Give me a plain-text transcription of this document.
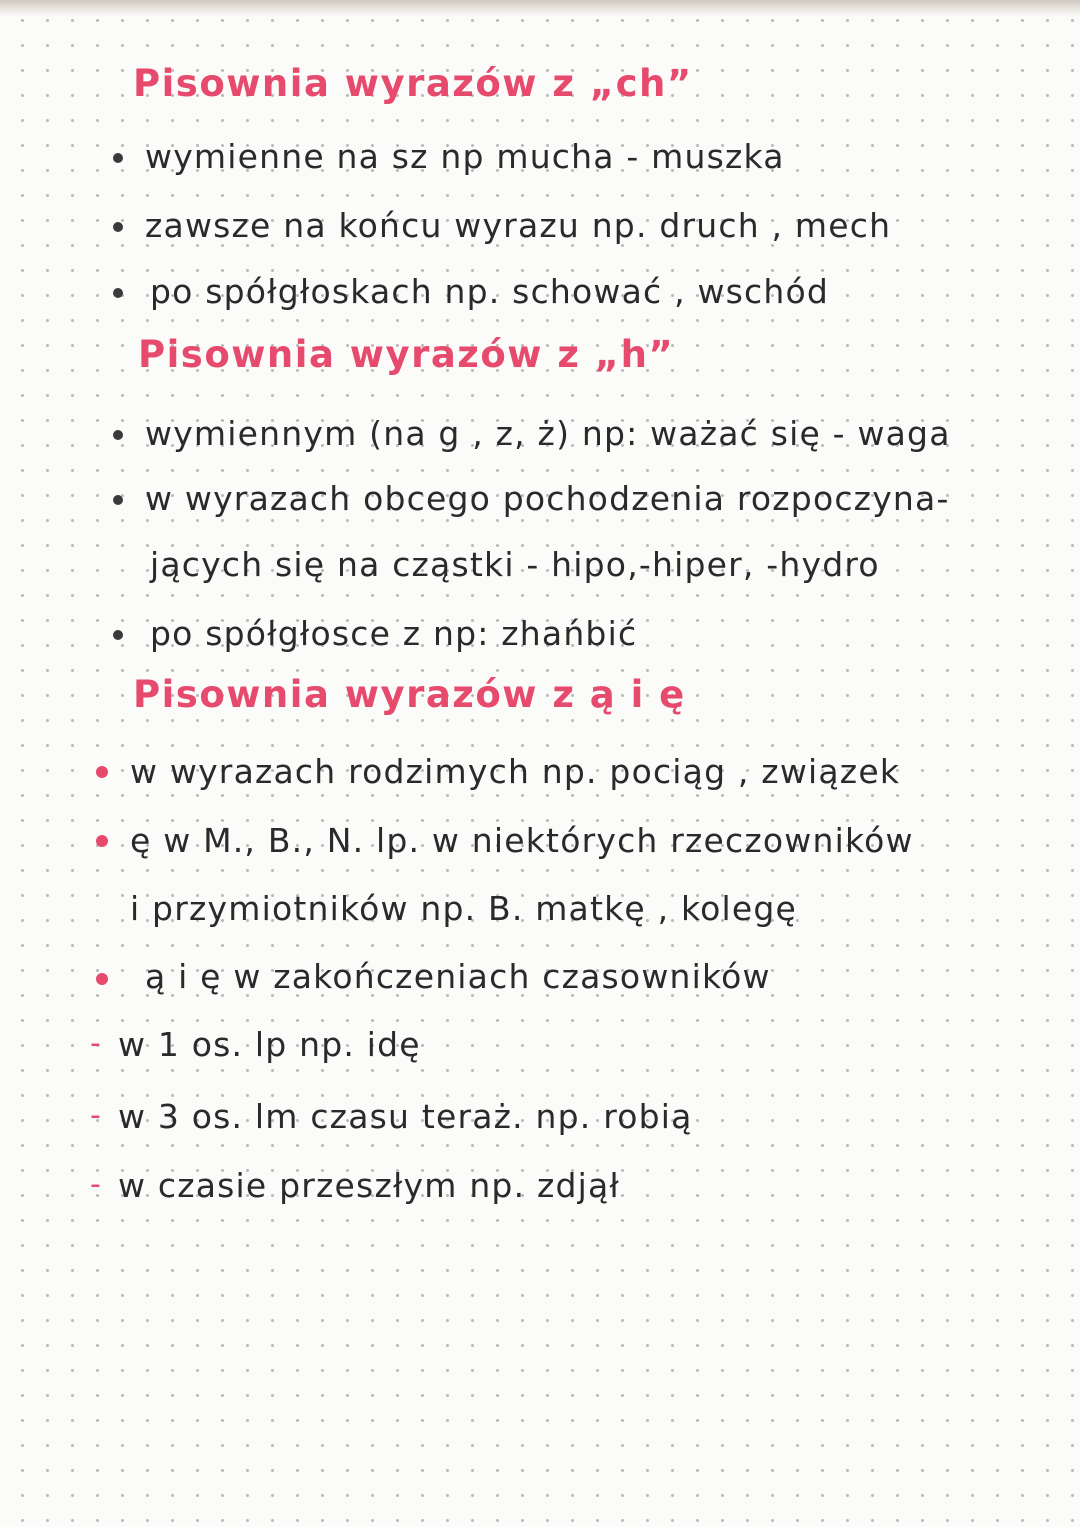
Pisownia wyrazów z „ch”
wymienne na sz np mucha - muszka
zawsze na końcu wyrazu np. druch , mech
po spółgłoskach np. schować , wschód
Pisownia wyrazów z „h”
wymiennym (na g , z, ż) np: ważać się - waga
w wyrazach obcego pochodzenia rozpoczyna-
jących się na cząstki - hipo,-hiper, -hydro
po spółgłosce z np: zhańbić
Pisownia wyrazów z ą i ę
w wyrazach rodzimych np. pociąg , związek
ę w M., B., N. lp. w niektórych rzeczowników
i przymiotników np. B. matkę , kolegę
ą i ę w zakończeniach czasowników
- w 1 os. lp np. idę
- w 3 os. lm czasu teraż. np. robią
- w czasie przeszłym np. zdjął
